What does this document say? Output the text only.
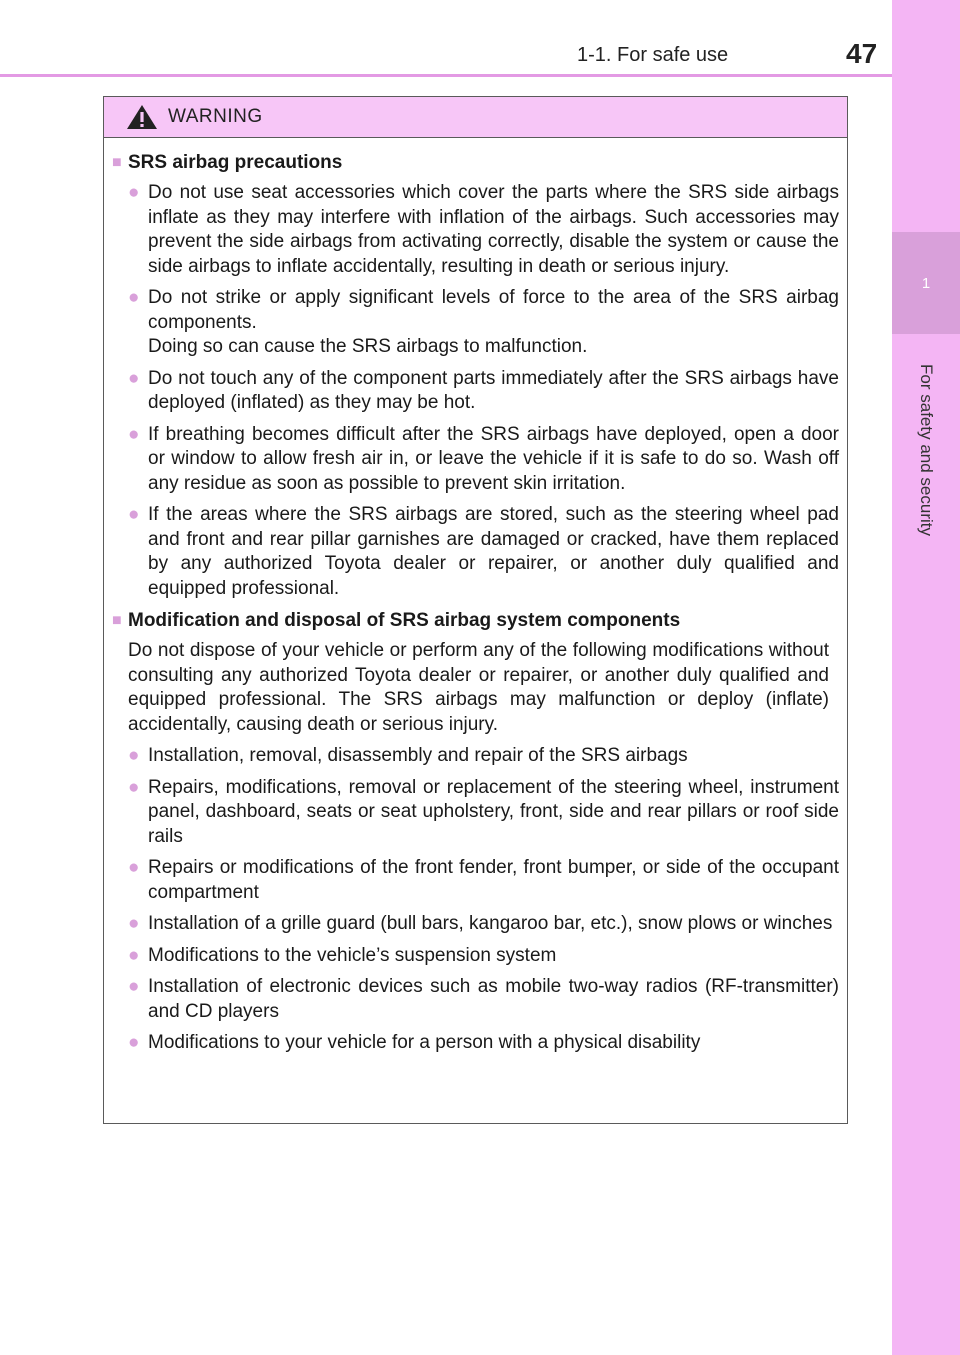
1-1. For safe use	47
1
For safety and security
WARNING
■ SRS airbag precautions
● Do not use seat accessories which cover the parts where the SRS side airbags inflate as they may interfere with inflation of the airbags. Such accessories may prevent the side airbags from activating correctly, disable the system or cause the side airbags to inflate accidentally, resulting in death or serious injury.
● Do not strike or apply significant levels of force to the area of the SRS airbag components.
Doing so can cause the SRS airbags to malfunction.
● Do not touch any of the component parts immediately after the SRS airbags have deployed (inflated) as they may be hot.
● If breathing becomes difficult after the SRS airbags have deployed, open a door or window to allow fresh air in, or leave the vehicle if it is safe to do so. Wash off any residue as soon as possible to prevent skin irritation.
● If the areas where the SRS airbags are stored, such as the steering wheel pad and front and rear pillar garnishes are damaged or cracked, have them replaced by any authorized Toyota dealer or repairer, or another duly qualified and equipped professional.
■ Modification and disposal of SRS airbag system components
Do not dispose of your vehicle or perform any of the following modifications without consulting any authorized Toyota dealer or repairer, or another duly qualified and equipped professional. The SRS airbags may malfunction or deploy (inflate) accidentally, causing death or serious injury.
● Installation, removal, disassembly and repair of the SRS airbags
● Repairs, modifications, removal or replacement of the steering wheel, instrument panel, dashboard, seats or seat upholstery, front, side and rear pillars or roof side rails
● Repairs or modifications of the front fender, front bumper, or side of the occupant compartment
● Installation of a grille guard (bull bars, kangaroo bar, etc.), snow plows or winches
● Modifications to the vehicle’s suspension system
● Installation of electronic devices such as mobile two-way radios (RF-transmitter) and CD players
● Modifications to your vehicle for a person with a physical disability
